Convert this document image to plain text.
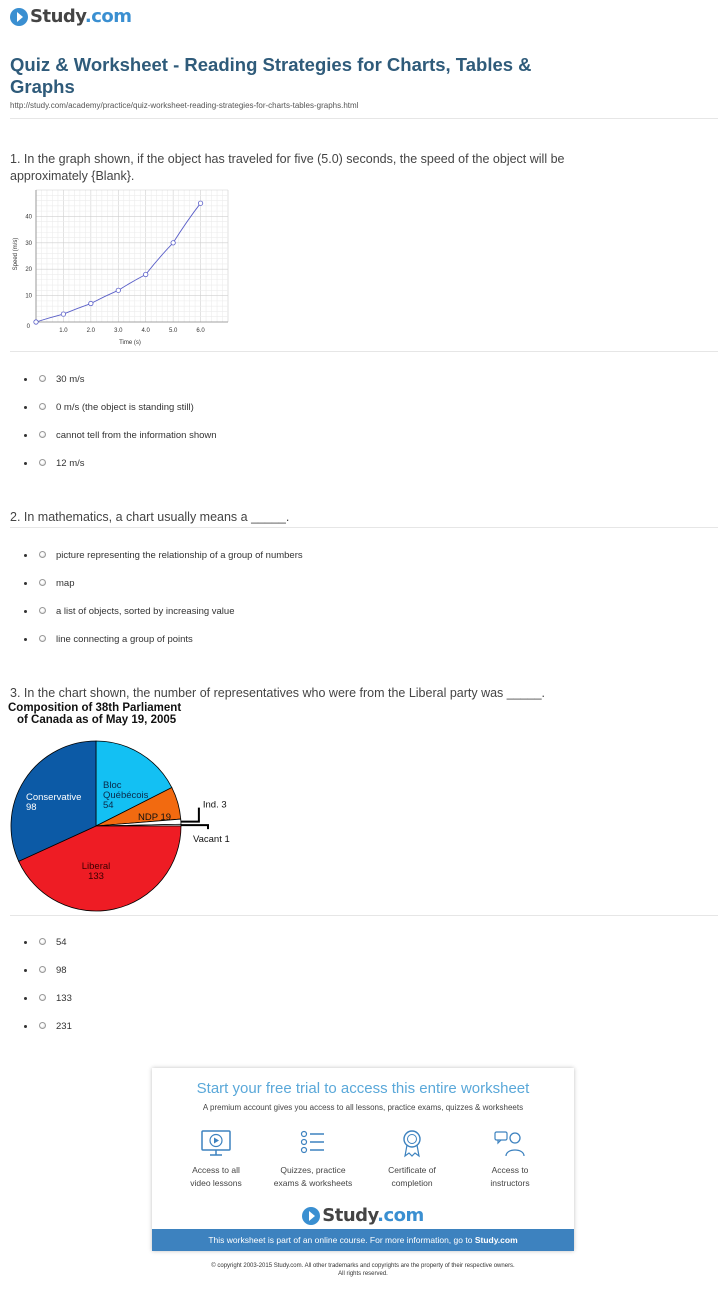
Study.com
Quiz & Worksheet - Reading Strategies for Charts, Tables & Graphs
http://study.com/academy/practice/quiz-worksheet-reading-strategies-for-charts-tables-graphs.html
1. In the graph shown, if the object has traveled for five (5.0) seconds, the speed of the object will be approximately {Blank}.
1.0	2.0	3.0	4.0	5.0	6.0
10
20
30
40
0
Time (s)
Speed (m/s)
30 m/s
0 m/s (the object is standing still)
cannot tell from the information shown
12 m/s
2. In mathematics, a chart usually means a _____.
picture representing the relationship of a group of numbers
map
a list of objects, sorted by increasing value
line connecting a group of points
3. In the chart shown, the number of representatives who were from the Liberal party was _____.
Composition of 38th Parliament
of Canada as of May 19, 2005
Bloc Québécois 54
NDP 19
Liberal 133
Conservative 98	Ind. 3
Vacant 1
54
98
133
231
Start your free trial to access this entire worksheet
A premium account gives you access to all lessons, practice exams, quizzes & worksheets
Access to all
video lessons
Quizzes, practice
exams & worksheets
Certificate of
completion
Access to
instructors
Study.com
This worksheet is part of an online course. For more information, go to Study.com
© copyright 2003-2015 Study.com. All other trademarks and copyrights are the property of their respective owners.
All rights reserved.
